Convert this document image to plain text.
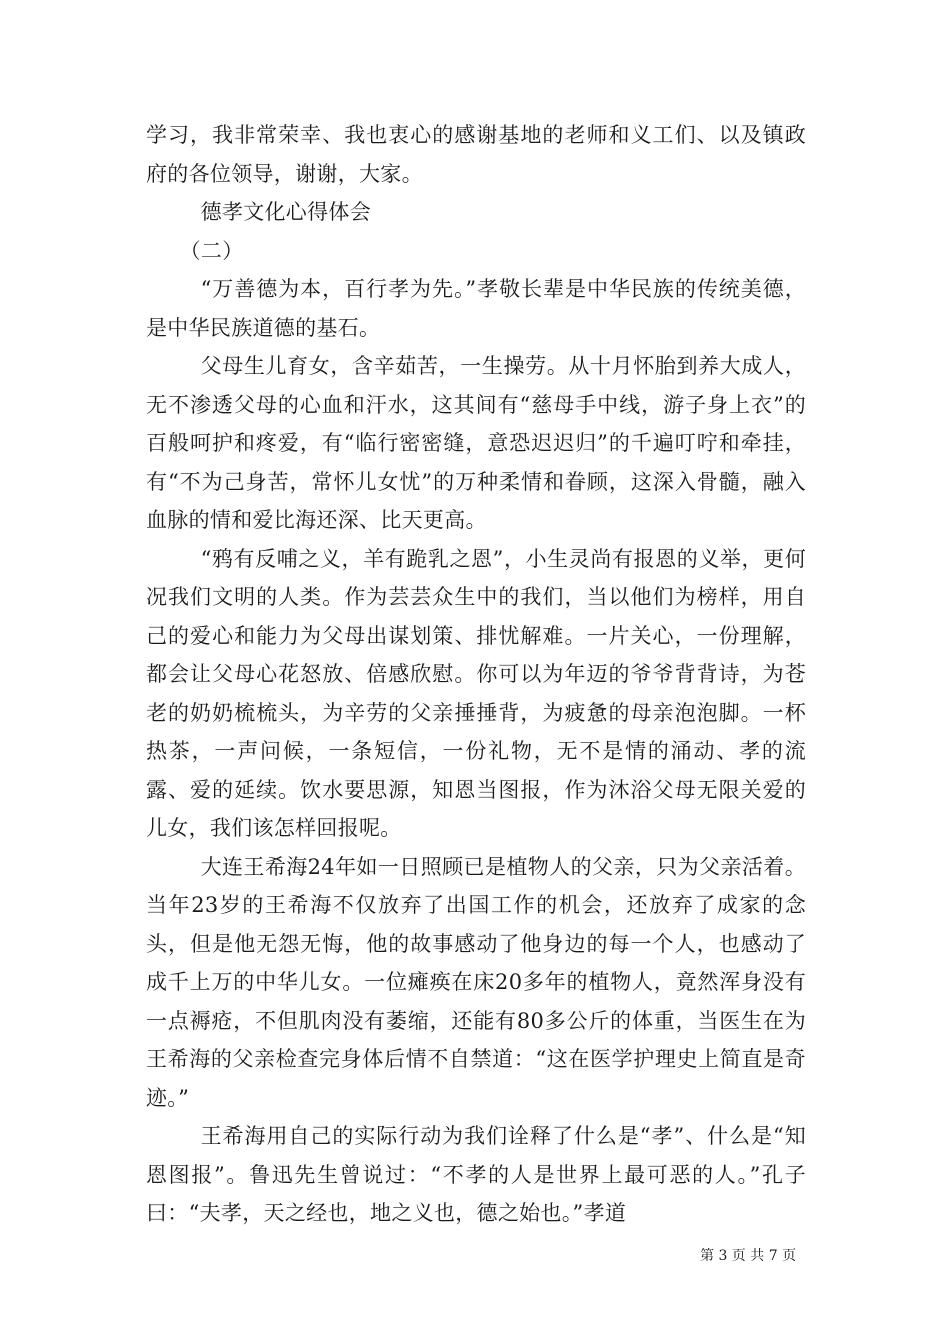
学习，我非常荣幸、我也衷心的感谢基地的老师和义工们、以及镇政府的各位领导，谢谢，大家。

德孝文化心得体会

（二）

“万善德为本，百行孝为先。”孝敬长辈是中华民族的传统美德，是中华民族道德的基石。

父母生儿育女，含辛茹苦，一生操劳。从十月怀胎到养大成人，无不渗透父母的心血和汗水，这其间有“慈母手中线，游子身上衣”的百般呵护和疼爱，有“临行密密缝，意恐迟迟归”的千遍叮咛和牵挂，有“不为己身苦，常怀儿女忧”的万种柔情和眷顾，这深入骨髓，融入血脉的情和爱比海还深、比天更高。

“鸦有反哺之义，羊有跪乳之恩”，小生灵尚有报恩的义举，更何况我们文明的人类。作为芸芸众生中的我们，当以他们为榜样，用自己的爱心和能力为父母出谋划策、排忧解难。一片关心，一份理解，都会让父母心花怒放、倍感欣慰。你可以为年迈的爷爷背背诗，为苍老的奶奶梳梳头，为辛劳的父亲捶捶背，为疲惫的母亲泡泡脚。一杯热茶，一声问候，一条短信，一份礼物，无不是情的涌动、孝的流露、爱的延续。饮水要思源，知恩当图报，作为沐浴父母无限关爱的儿女，我们该怎样回报呢。

大连王希海24年如一日照顾已是植物人的父亲，只为父亲活着。当年23岁的王希海不仅放弃了出国工作的机会，还放弃了成家的念头，但是他无怨无悔，他的故事感动了他身边的每一个人，也感动了成千上万的中华儿女。一位瘫痪在床20多年的植物人，竟然浑身没有一点褥疮，不但肌肉没有萎缩，还能有80多公斤的体重，当医生在为王希海的父亲检查完身体后情不自禁道：“这在医学护理史上简直是奇迹。”

王希海用自己的实际行动为我们诠释了什么是“孝”、什么是“知恩图报”。鲁迅先生曾说过：“不孝的人是世界上最可恶的人。”孔子曰：“夫孝，天之经也，地之义也，德之始也。”孝道

第 3 页 共 7 页
